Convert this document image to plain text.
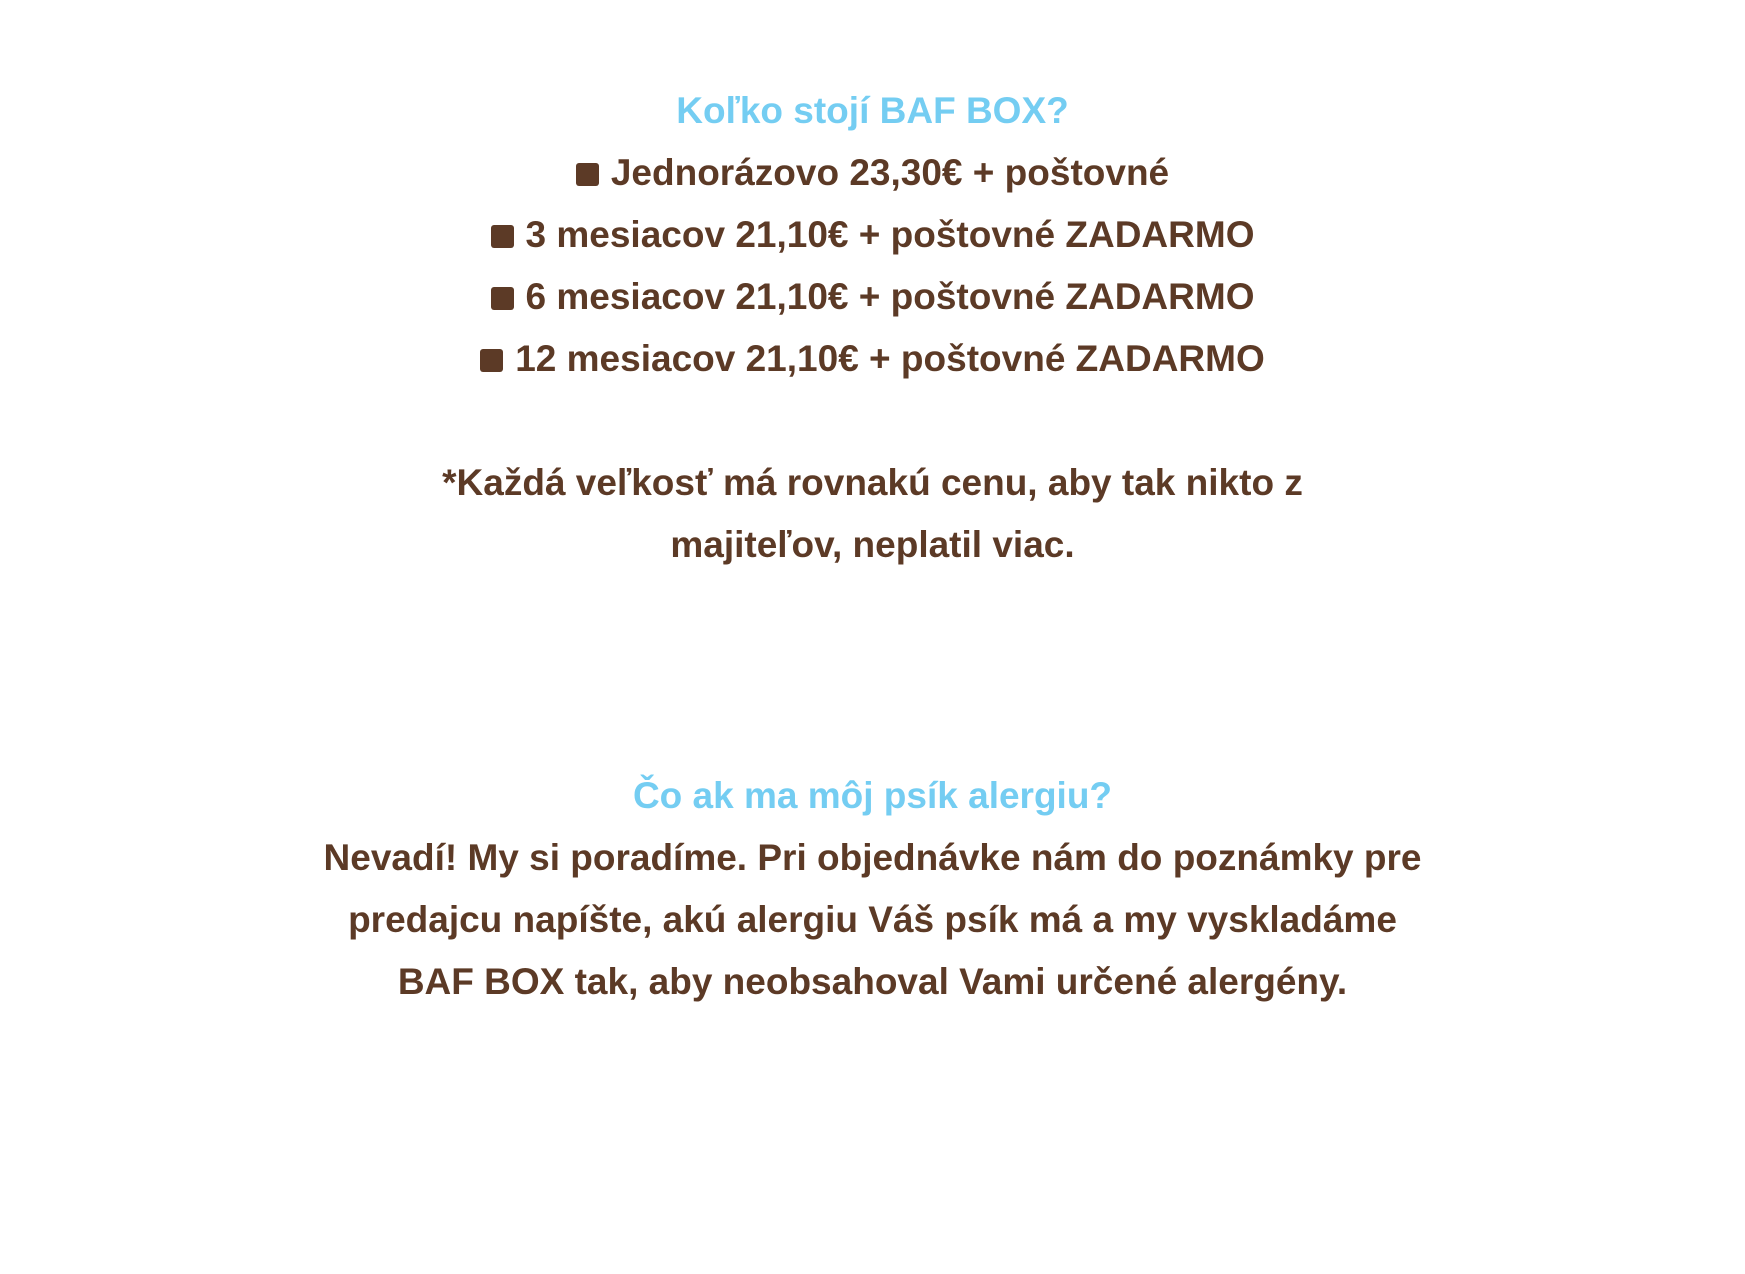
Koľko stojí BAF BOX?

Jednorázovo 23,30€ + poštovné

3 mesiacov 21,10€ + poštovné ZADARMO

6 mesiacov 21,10€ + poštovné ZADARMO

12 mesiacov 21,10€ + poštovné ZADARMO

*Každá veľkosť má rovnakú cenu, aby tak nikto z

majiteľov, neplatil viac.

Čo ak ma môj psík alergiu?

Nevadí! My si poradíme. Pri objednávke nám do poznámky pre

predajcu napíšte, akú alergiu Váš psík má a my vyskladáme

BAF BOX tak, aby neobsahoval Vami určené alergény.
